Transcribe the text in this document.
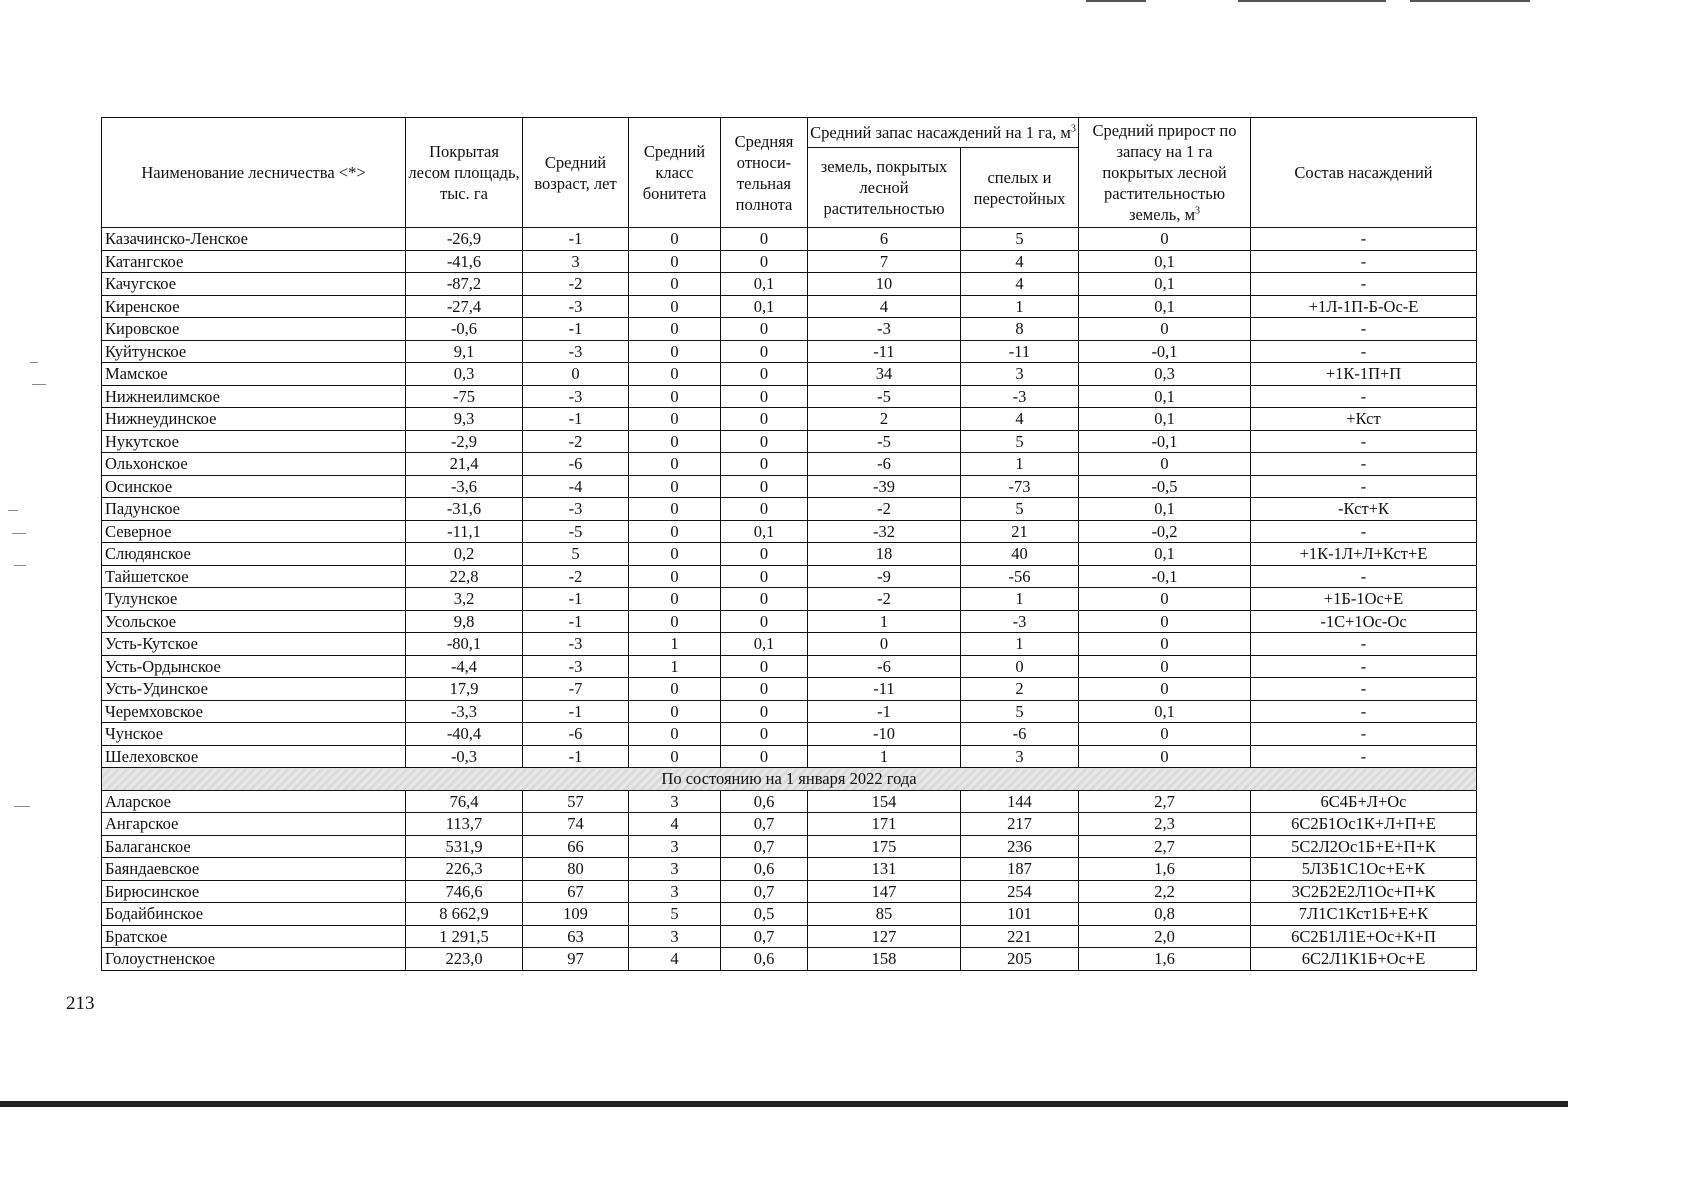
Наименование лесничества <*>	Покрытая лесом площадь, тыс. га	Средний возраст, лет	Средний класс бонитета	Средняя относи-тельная полнота	Средний запас насаждений на 1 га, $м^3$		Средний прирост по запасу на 1 га покрытых лесной растительностью земель, $м^3$	Состав насаждений
					земель, покрытых лесной растительностью	спелых и перестойных		
Казачинско-Ленское	-26,9	-1	0	0	6	5	0	-
Катангское	-41,6	3	0	0	7	4	0,1	-
Качугское	-87,2	-2	0	0,1	10	4	0,1	-
Киренское	-27,4	-3	0	0,1	4	1	0,1	+1Л-1П-Б-Ос-Е
Кировское	-0,6	-1	0	0	-3	8	0	-
Куйтунское	9,1	-3	0	0	-11	-11	-0,1	-
Мамское	0,3	0	0	0	34	3	0,3	+1К-1П+П
Нижнеилимское	-75	-3	0	0	-5	-3	0,1	-
Нижнеудинское	9,3	-1	0	0	2	4	0,1	+Кст
Нукутское	-2,9	-2	0	0	-5	5	-0,1	-
Ольхонское	21,4	-6	0	0	-6	1	0	-
Осинское	-3,6	-4	0	0	-39	-73	-0,5	-
Падунское	-31,6	-3	0	0	-2	5	0,1	-Кст+К
Северное	-11,1	-5	0	0,1	-32	21	-0,2	-
Слюдянское	0,2	5	0	0	18	40	0,1	+1К-1Л+Л+Кст+Е
Тайшетское	22,8	-2	0	0	-9	-56	-0,1	-
Тулунское	3,2	-1	0	0	-2	1	0	+1Б-1Ос+Е
Усольское	9,8	-1	0	0	1	-3	0	-1С+1Ос-Ос
Усть-Кутское	-80,1	-3	1	0,1	0	1	0	-
Усть-Ордынское	-4,4	-3	1	0	-6	0	0	-
Усть-Удинское	17,9	-7	0	0	-11	2	0	-
Черемховское	-3,3	-1	0	0	-1	5	0,1	-
Чунское	-40,4	-6	0	0	-10	-6	0	-
Шелеховское	-0,3	-1	0	0	1	3	0	-
По состоянию на 1 января 2022 года								
Аларское	76,4	57	3	0,6	154	144	2,7	6С4Б+Л+Ос
Ангарское	113,7	74	4	0,7	171	217	2,3	6С2Б1Ос1К+Л+П+Е
Балаганское	531,9	66	3	0,7	175	236	2,7	5С2Л2Ос1Б+Е+П+К
Баяндаевское	226,3	80	3	0,6	131	187	1,6	5Л3Б1С1Ос+Е+К
Бирюсинское	746,6	67	3	0,7	147	254	2,2	3С2Б2Е2Л1Ос+П+К
Бодайбинское	8 662,9	109	5	0,5	85	101	0,8	7Л1С1Кст1Б+Е+К
Братское	1 291,5	63	3	0,7	127	221	2,0	6С2Б1Л1Е+Ос+К+П
Голоустненское	223,0	97	4	0,6	158	205	1,6	6С2Л1К1Б+Ос+Е
213
